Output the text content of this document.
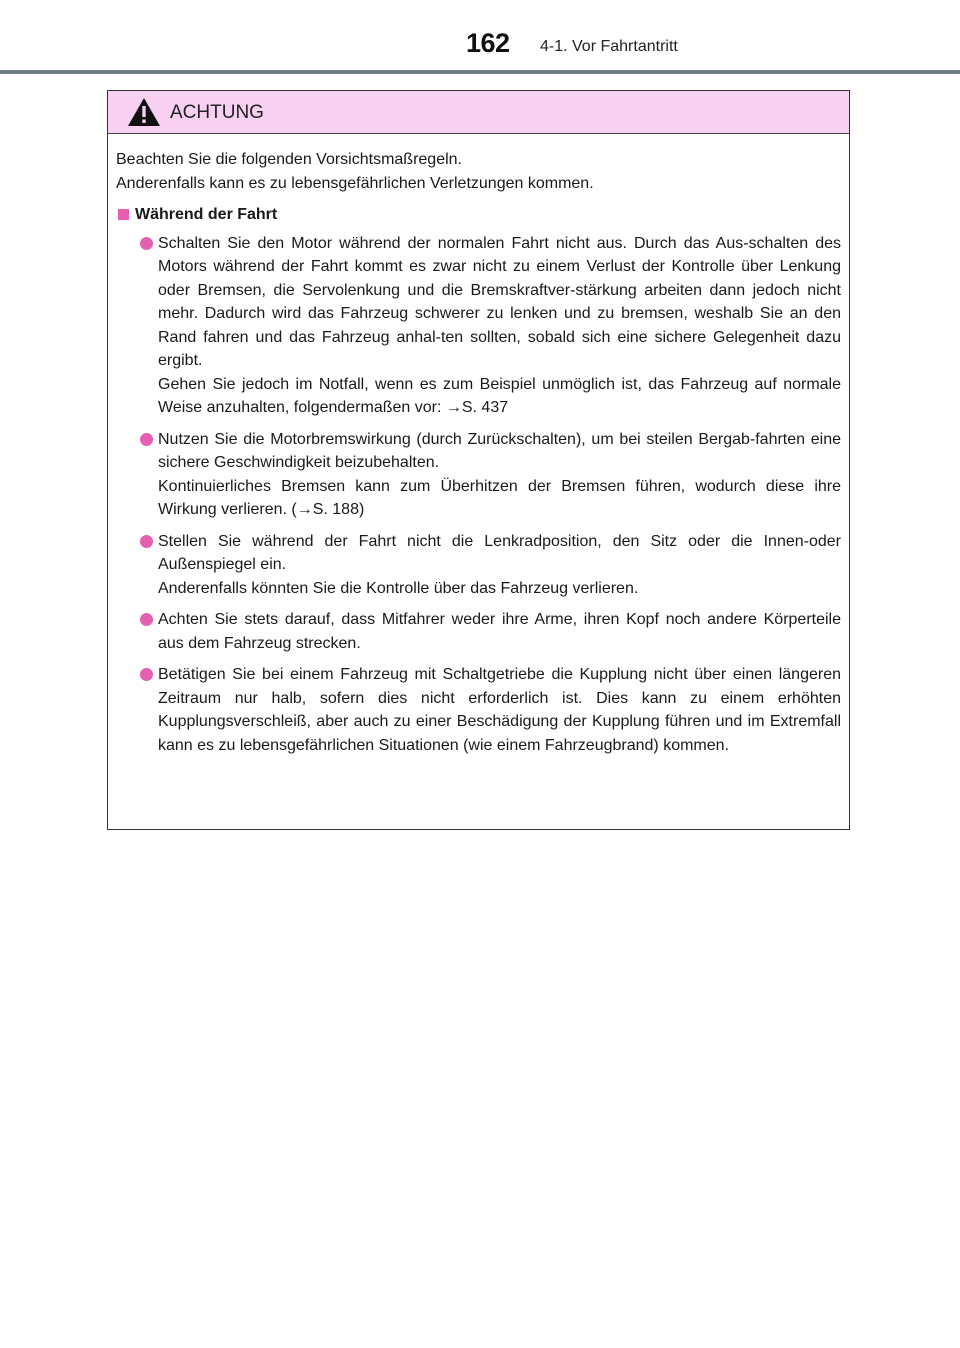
162 4-1. Vor Fahrtantritt
ACHTUNG

Beachten Sie die folgenden Vorsichtsmaßregeln.

Anderenfalls kann es zu lebensgefährlichen Verletzungen kommen.

Während der Fahrt

Schalten Sie den Motor während der normalen Fahrt nicht aus. Durch das Aus-schalten des Motors während der Fahrt kommt es zwar nicht zu einem Verlust der Kontrolle über Lenkung oder Bremsen, die Servolenkung und die Bremskraftver-stärkung arbeiten dann jedoch nicht mehr. Dadurch wird das Fahrzeug schwerer zu lenken und zu bremsen, weshalb Sie an den Rand fahren und das Fahrzeug anhal-ten sollten, sobald sich eine sichere Gelegenheit dazu ergibt.

Gehen Sie jedoch im Notfall, wenn es zum Beispiel unmöglich ist, das Fahrzeug auf normale Weise anzuhalten, folgendermaßen vor: →S. 437

Nutzen Sie die Motorbremswirkung (durch Zurückschalten), um bei steilen Bergab-fahrten eine sichere Geschwindigkeit beizubehalten.

Kontinuierliches Bremsen kann zum Überhitzen der Bremsen führen, wodurch diese ihre Wirkung verlieren. (→S. 188)

Stellen Sie während der Fahrt nicht die Lenkradposition, den Sitz oder die Innen-oder Außenspiegel ein.

Anderenfalls könnten Sie die Kontrolle über das Fahrzeug verlieren.

Achten Sie stets darauf, dass Mitfahrer weder ihre Arme, ihren Kopf noch andere Körperteile aus dem Fahrzeug strecken.

Betätigen Sie bei einem Fahrzeug mit Schaltgetriebe die Kupplung nicht über einen längeren Zeitraum nur halb, sofern dies nicht erforderlich ist. Dies kann zu einem erhöhten Kupplungsverschleiß, aber auch zu einer Beschädigung der Kupplung führen und im Extremfall kann es zu lebensgefährlichen Situationen (wie einem Fahrzeugbrand) kommen.
